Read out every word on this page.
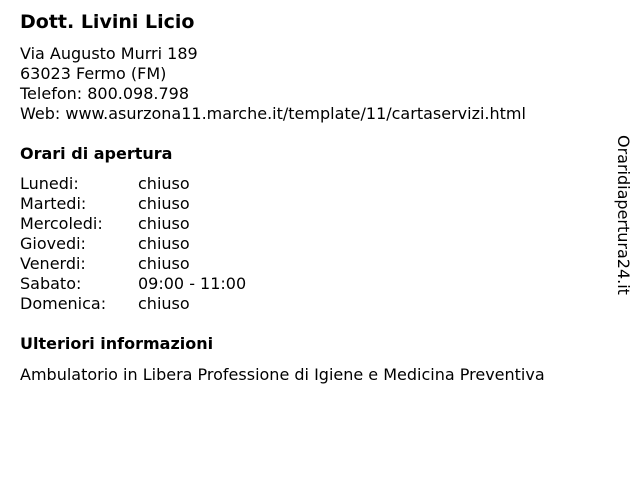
Dott. Livini Licio
Via Augusto Murri 189
63023 Fermo (FM)
Telefon: 800.098.798
Web: www.asurzona11.marche.it/template/11/cartaservizi.html
Orari di apertura
Lunedi:	chiuso
Martedi:	chiuso
Mercoledi: chiuso
Giovedi:	chiuso
Venerdi:	chiuso
Sabato:	09:00 - 11:00
Domenica: chiuso
Ulteriori informazioni
Ambulatorio in Libera Professione di Igiene e Medicina Preventiva
Oraridiapertura24.it
